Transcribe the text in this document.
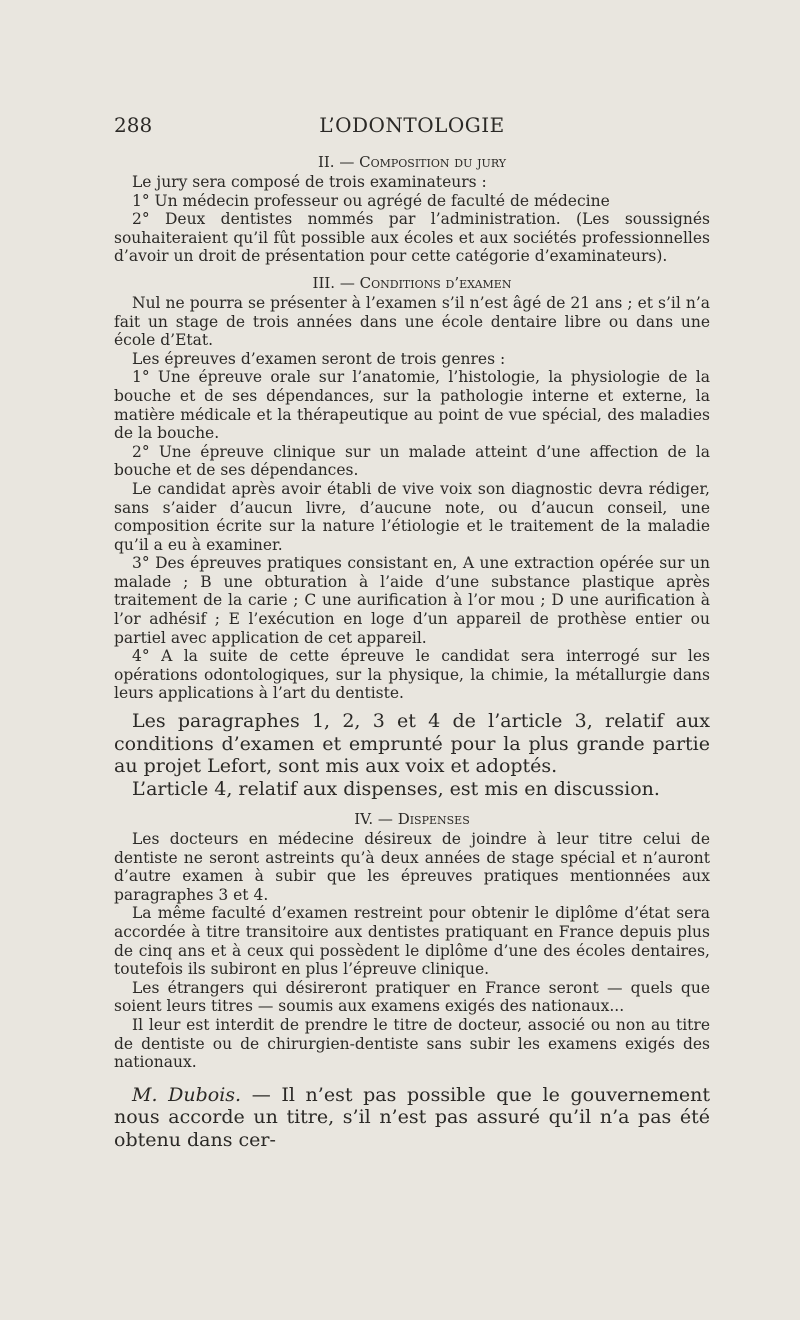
288	L’ODONTOLOGIE
II. — Composition du jury

Le jury sera composé de trois examinateurs :

1° Un médecin professeur ou agrégé de faculté de médecine

2° Deux dentistes nommés par l’administration. (Les soussignés souhaiteraient qu’il fût possible aux écoles et aux sociétés professionnelles d’avoir un droit de présentation pour cette catégorie d’examinateurs).

III. — Conditions d’examen

Nul ne pourra se présenter à l’examen s’il n’est âgé de 21 ans ; et s’il n’a fait un stage de trois années dans une école dentaire libre ou dans une école d’Etat.

Les épreuves d’examen seront de trois genres :

1° Une épreuve orale sur l’anatomie, l’histologie, la physiologie de la bouche et de ses dépendances, sur la pathologie interne et externe, la matière médicale et la thérapeutique au point de vue spécial, des maladies de la bouche.

2° Une épreuve clinique sur un malade atteint d’une affection de la bouche et de ses dépendances.

Le candidat après avoir établi de vive voix son diagnostic devra rédiger, sans s’aider d’aucun livre, d’aucune note, ou d’aucun conseil, une composition écrite sur la nature l’étiologie et le traitement de la maladie qu’il a eu à examiner.

3° Des épreuves pratiques consistant en, A une extraction opérée sur un malade ; B une obturation à l’aide d’une substance plastique après traitement de la carie ; C une aurification à l’or mou ; D une aurification à l’or adhésif ; E l’exécution en loge d’un appareil de prothèse entier ou partiel avec application de cet appareil.

4° A la suite de cette épreuve le candidat sera interrogé sur les opérations odontologiques, sur la physique, la chimie, la métallurgie dans leurs applications à l’art du dentiste.

Les paragraphes 1, 2, 3 et 4 de l’article 3, relatif aux conditions d’examen et emprunté pour la plus grande partie au projet Lefort, sont mis aux voix et adoptés.

L’article 4, relatif aux dispenses, est mis en discussion.

IV. — Dispenses

Les docteurs en médecine désireux de joindre à leur titre celui de dentiste ne seront astreints qu’à deux années de stage spécial et n’auront d’autre examen à subir que les épreuves pratiques mentionnées aux paragraphes 3 et 4.

La même faculté d’examen restreint pour obtenir le diplôme d’état sera accordée à titre transitoire aux dentistes pratiquant en France depuis plus de cinq ans et à ceux qui possèdent le diplôme d’une des écoles dentaires, toutefois ils subiront en plus l’épreuve clinique.

Les étrangers qui désireront pratiquer en France seront — quels que soient leurs titres — soumis aux examens exigés des nationaux...

Il leur est interdit de prendre le titre de docteur, associé ou non au titre de dentiste ou de chirurgien-dentiste sans subir les examens exigés des nationaux.

M. Dubois. — Il n’est pas possible que le gouvernement nous accorde un titre, s’il n’est pas assuré qu’il n’a pas été obtenu dans cer-
